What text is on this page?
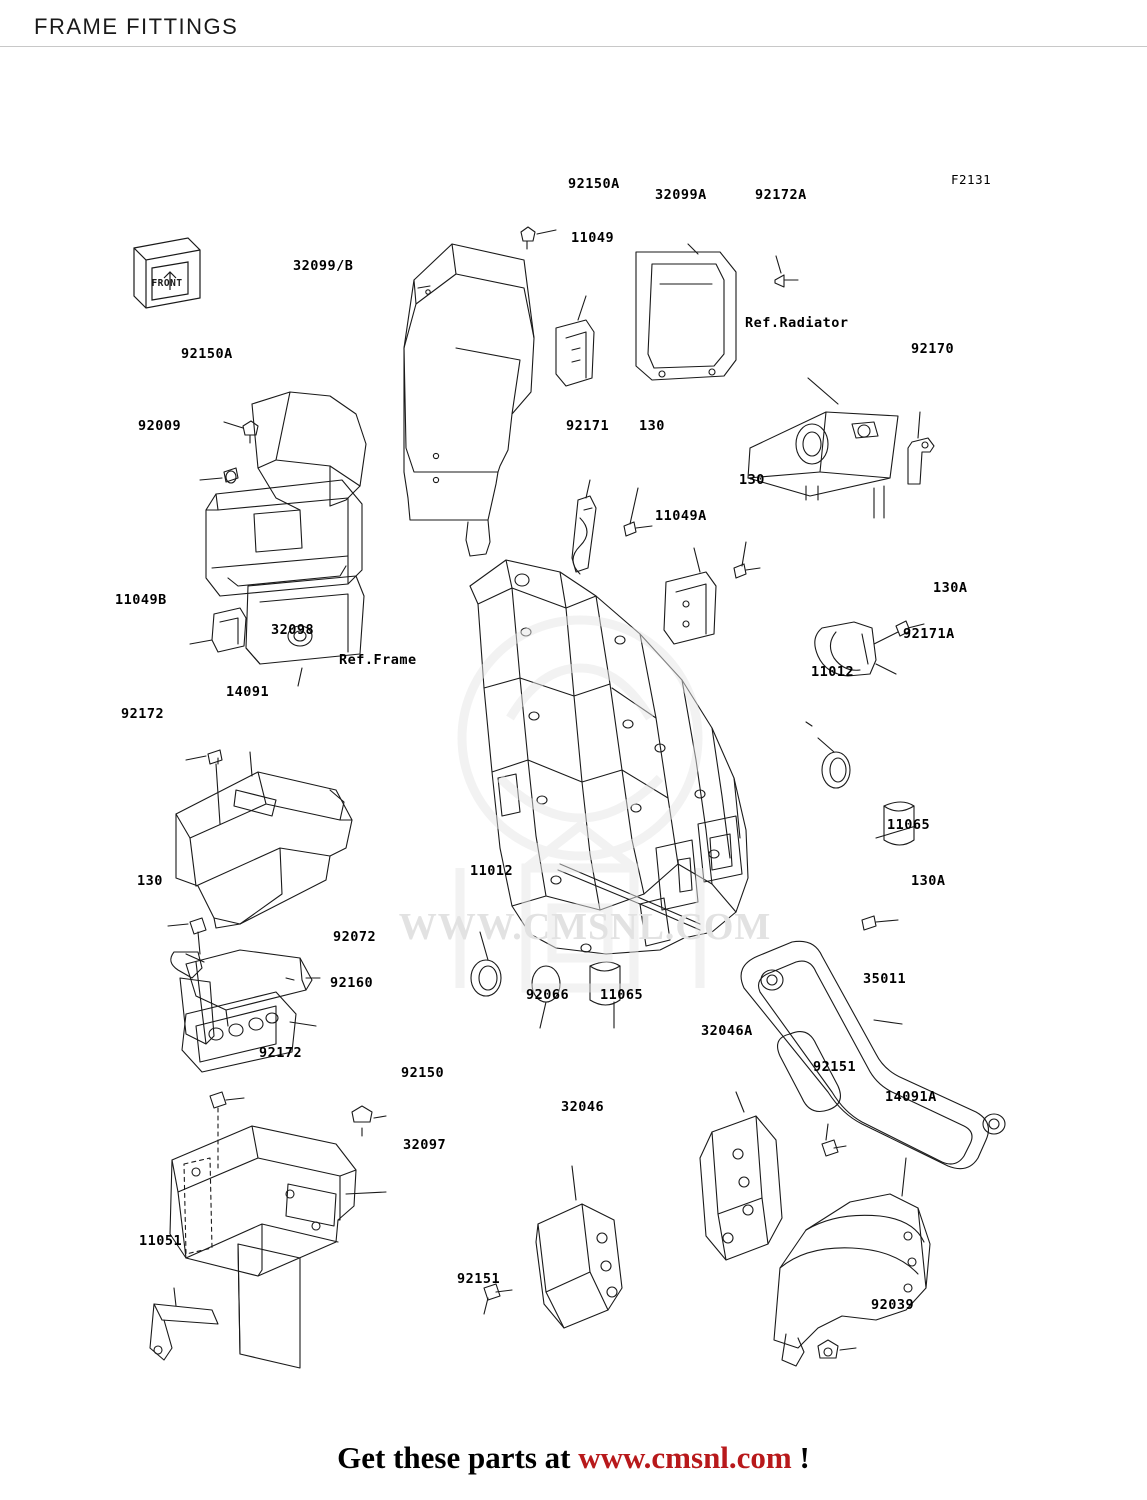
FRAME FITTINGS
FRONT
WWW.CMSNL.COM
F2131
92150A
32099A	92172A
11049
32099/B
Ref.Radiator
92170
92150A
92009	92171 130
130
11049A
130A
11049B
32098	92171A
Ref.Frame
11012
14091
92172
11065
130
11012
130A
92072
35011
92160
92066 11065
32046A
92172
92151
92150
14091A
32046
32097
11051
92151
92039
Get these parts at www.cmsnl.com !
